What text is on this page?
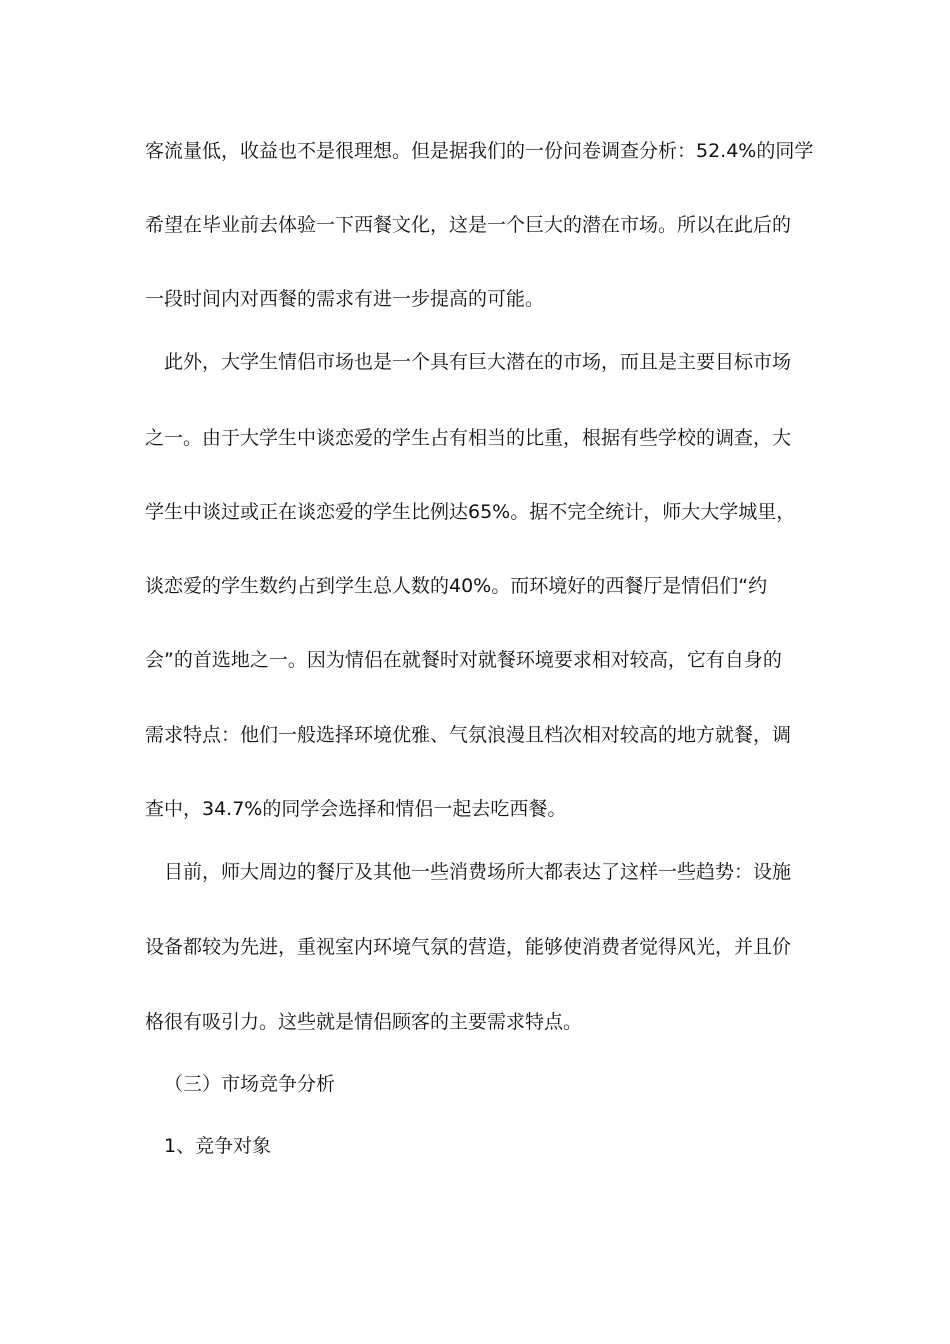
客流量低，收益也不是很理想。但是据我们的一份问卷调查分析：52.4%的同学
希望在毕业前去体验一下西餐文化，这是一个巨大的潜在市场。所以在此后的
一段时间内对西餐的需求有进一步提高的可能。
此外，大学生情侣市场也是一个具有巨大潜在的市场，而且是主要目标市场
之一。由于大学生中谈恋爱的学生占有相当的比重，根据有些学校的调查，大
学生中谈过或正在谈恋爱的学生比例达65%。据不完全统计，师大大学城里，
谈恋爱的学生数约占到学生总人数的40%。而环境好的西餐厅是情侣们“约
会”的首选地之一。因为情侣在就餐时对就餐环境要求相对较高，它有自身的
需求特点：他们一般选择环境优雅、气氛浪漫且档次相对较高的地方就餐，调
查中，34.7%的同学会选择和情侣一起去吃西餐。
目前，师大周边的餐厅及其他一些消费场所大都表达了这样一些趋势：设施
设备都较为先进，重视室内环境气氛的营造，能够使消费者觉得风光，并且价
格很有吸引力。这些就是情侣顾客的主要需求特点。
（三）市场竞争分析
1、竞争对象
